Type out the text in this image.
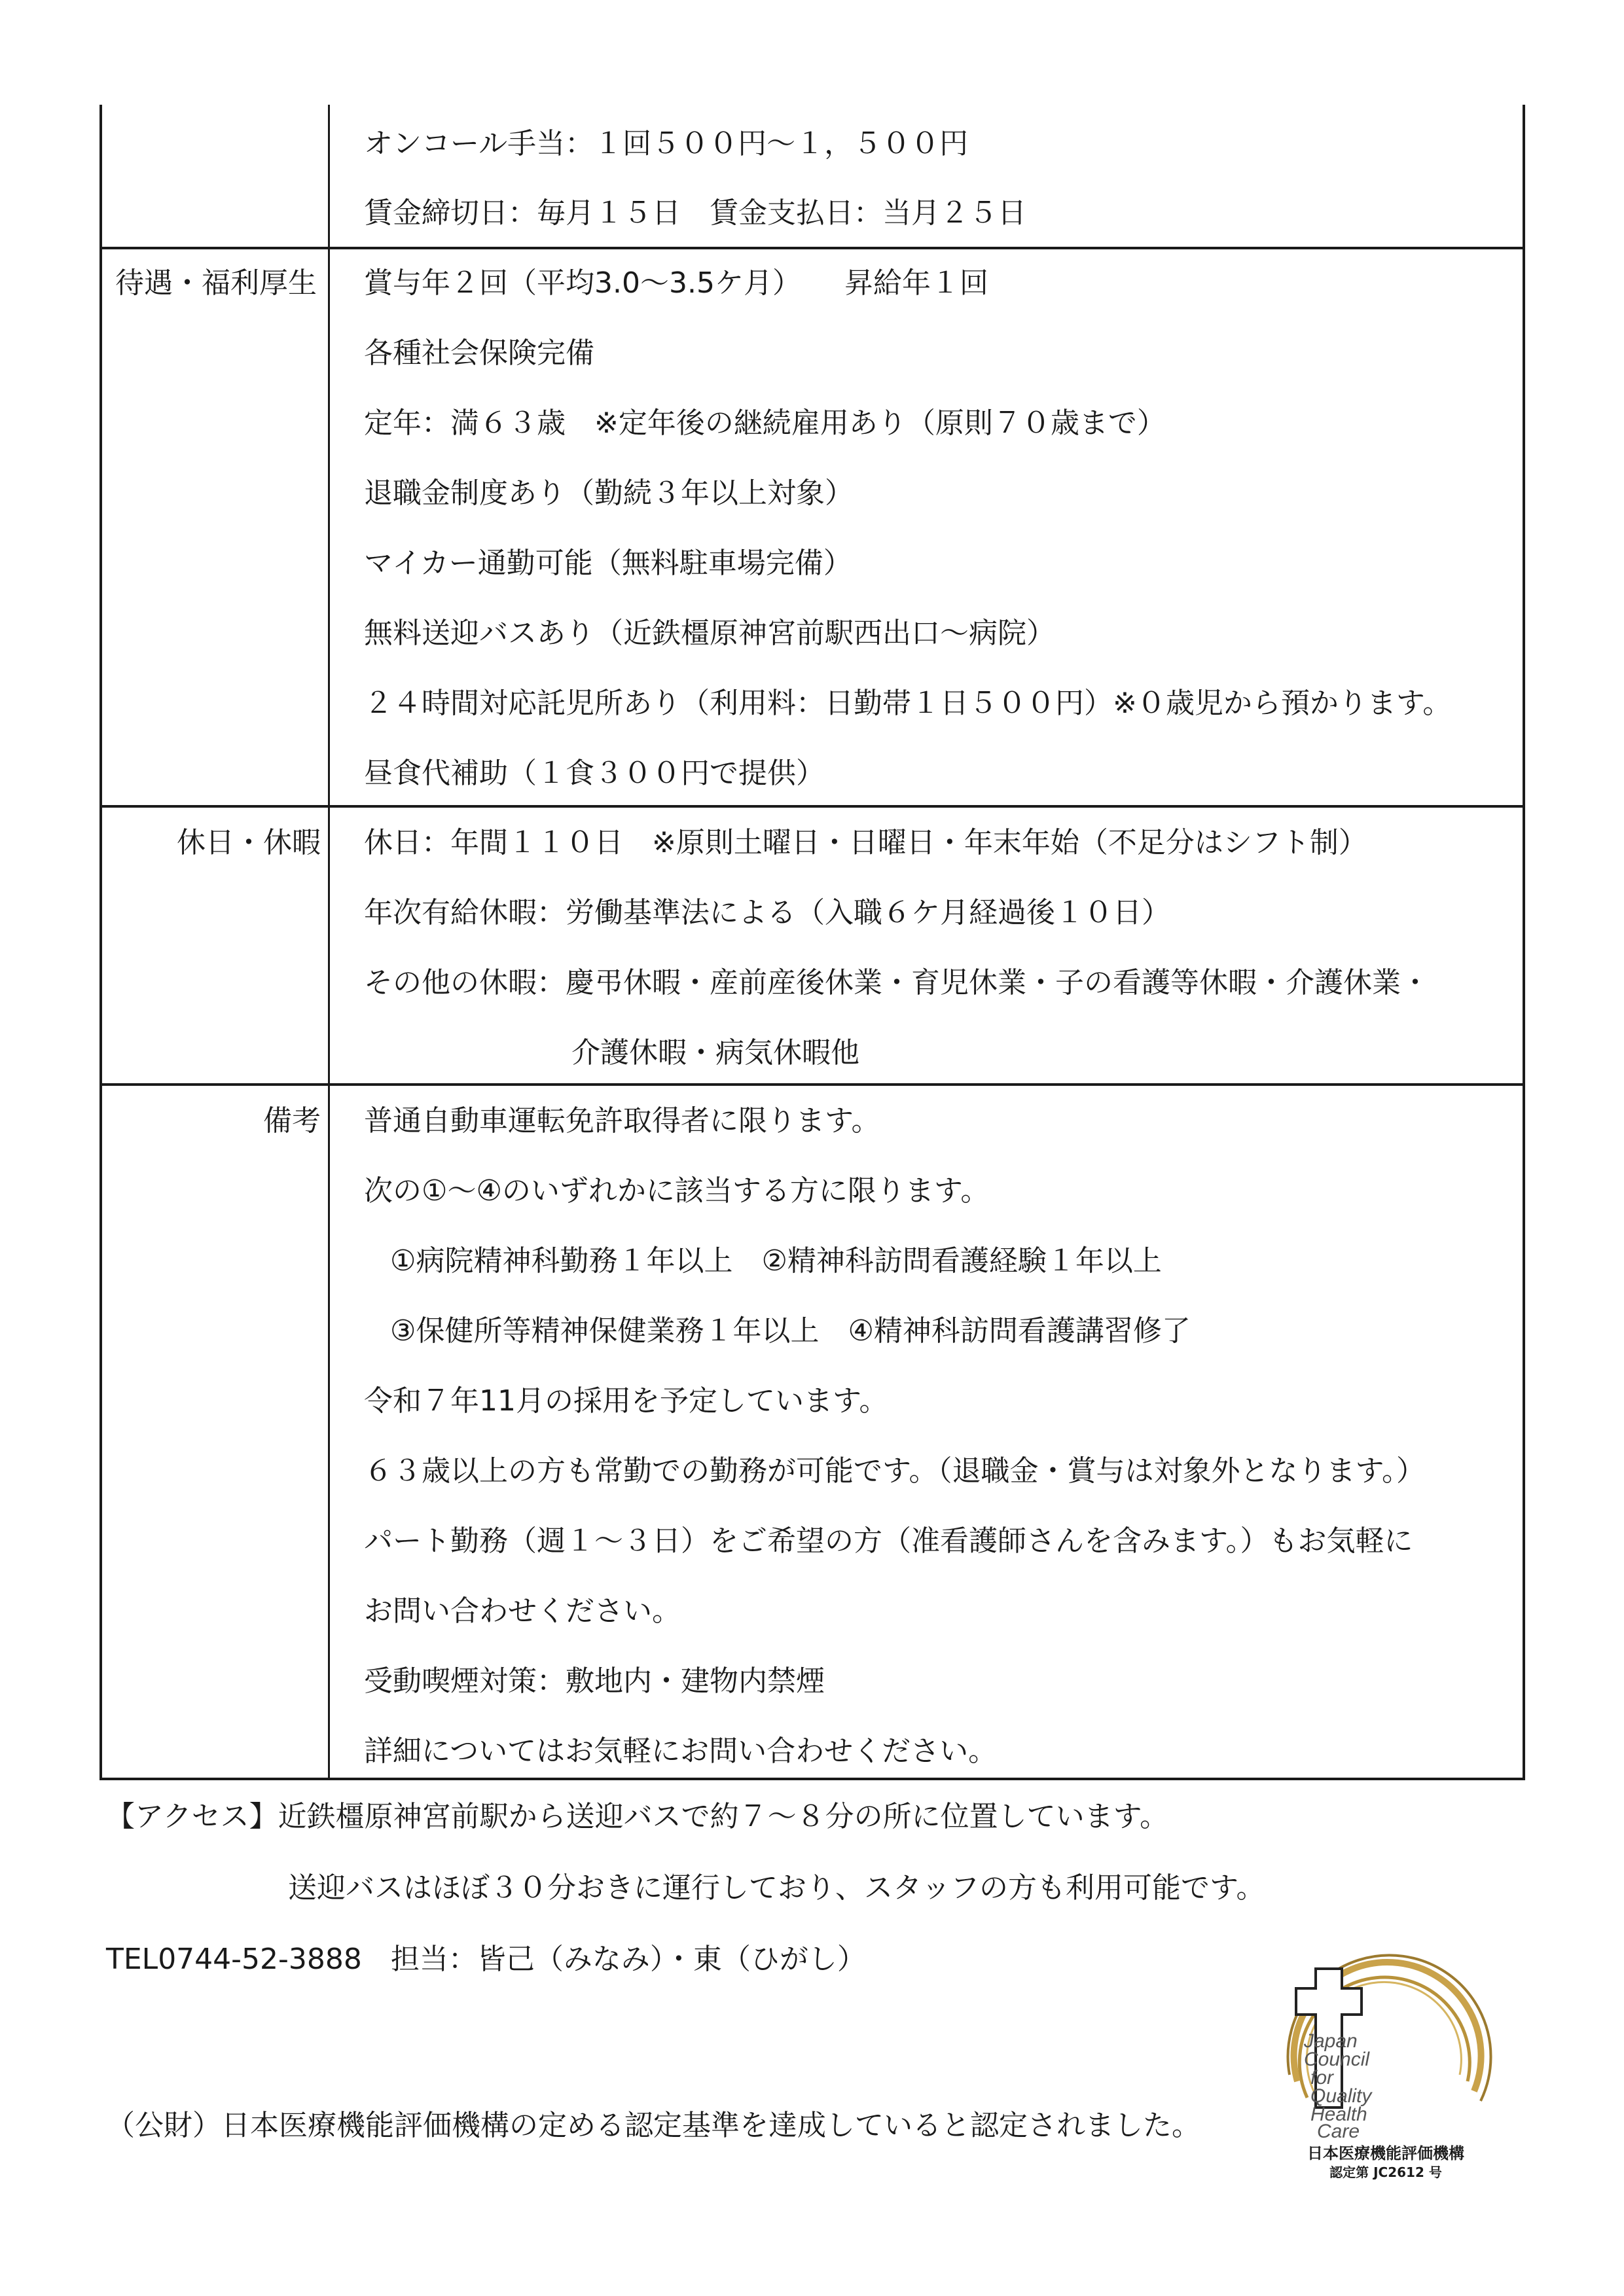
オンコール手当：１回５００円～１，５００円
賃金締切日：毎月１５日　賃金支払日：当月２５日
待遇・福利厚生	賞与年２回（平均3.0～3.5ケ月）　　昇給年１回
各種社会保険完備
定年：満６３歳　※定年後の継続雇用あり（原則７０歳まで）
退職金制度あり（勤続３年以上対象）
マイカー通勤可能（無料駐車場完備）
無料送迎バスあり（近鉄橿原神宮前駅西出口～病院）
２４時間対応託児所あり（利用料：日勤帯１日５００円）※０歳児から預かります。
昼食代補助（１食３００円で提供）
休日・休暇 休日：年間１１０日　※原則土曜日・日曜日・年末年始（不足分はシフト制）
年次有給休暇：労働基準法による（入職６ケ月経過後１０日）
その他の休暇：慶弔休暇・産前産後休業・育児休業・子の看護等休暇・介護休業・
介護休暇・病気休暇他
備考 普通自動車運転免許取得者に限ります。
次の①～④のいずれかに該当する方に限ります。
①病院精神科勤務１年以上　②精神科訪問看護経験１年以上
③保健所等精神保健業務１年以上　④精神科訪問看護講習修了
令和７年11月の採用を予定しています。
６３歳以上の方も常勤での勤務が可能です。（退職金・賞与は対象外となります。）
パート勤務（週１～３日）をご希望の方（准看護師さんを含みます。）もお気軽に
お問い合わせください。
受動喫煙対策：敷地内・建物内禁煙
詳細についてはお気軽にお問い合わせください。
【アクセス】近鉄橿原神宮前駅から送迎バスで約７～８分の所に位置しています。
送迎バスはほぼ３０分おきに運行しており、スタッフの方も利用可能です。
TEL0744-52-3888　担当：皆己（みなみ）・東（ひがし）
（公財）日本医療機能評価機構の定める認定基準を達成していると認定されました。
Japan
Council
for
Quality
Health
Care
日本医療機能評価機構
認定第 JC2612 号
